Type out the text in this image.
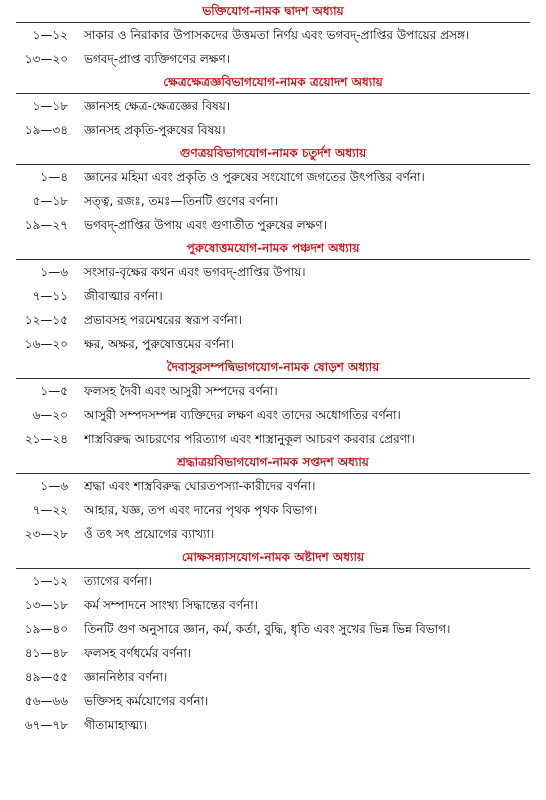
ভক্তিযোগ-নামক দ্বাদশ অধ্যায়
১—১২ সাকার ও নিরাকার উপাসকদের উত্তমতা নির্ণয় এবং ভগবদ্-প্রাপ্তির উপায়ের প্রসঙ্গ।
১৩—২০ ভগবদ্-প্রাপ্ত ব্যক্তিগণের লক্ষণ।
ক্ষেত্রক্ষেত্রজ্ঞবিভাগযোগ-নামক ত্রয়োদশ অধ্যায়
১—১৮ জ্ঞানসহ ক্ষেত্র-ক্ষেত্রজ্ঞের বিষয়।
১৯—৩৪ জ্ঞানসহ প্রকৃতি-পুরুষের বিষয়।
গুণত্রয়বিভাগযোগ-নামক চতুর্দশ অধ্যায়
১—৪ জ্ঞানের মহিমা এবং প্রকৃতি ও পুরুষের সংযোগে জগতের উৎপত্তির বর্ণনা।
৫—১৮ সত্ত্ব, রজঃ, তমঃ—তিনটি গুণের বর্ণনা।
১৯—২৭ ভগবদ্-প্রাপ্তির উপায় এবং গুণাতীত পুরুষের লক্ষণ।
পুরুষোত্তমযোগ-নামক পঞ্চদশ অধ্যায়
১—৬ সংসার-বৃক্ষের কথন এবং ভগবদ্-প্রাপ্তির উপায়।
৭—১১ জীবাত্মার বর্ণনা।
১২—১৫ প্রভাবসহ পরমেশ্বরের স্বরূপ বর্ণনা।
১৬—২০ ক্ষর, অক্ষর, পুরুষোত্তমের বর্ণনা।
দৈবাসুরসম্পদ্বিভাগযোগ-নামক ষোড়শ অধ্যায়
১—৫ ফলসহ দৈবী এবং আসুরী সম্পদের বর্ণনা।
৬—২০ আসুরী সম্পদসম্পন্ন ব্যক্তিদের লক্ষণ এবং তাদের অধোগতির বর্ণনা।
২১—২৪ শাস্ত্রবিরুদ্ধ আচরণের পরিত্যাগ এবং শাস্ত্রানুকূল আচরণ করবার প্রেরণা।
শ্রদ্ধাত্রয়বিভাগযোগ-নামক সপ্তদশ অধ্যায়
১—৬ শ্রদ্ধা এবং শাস্ত্রবিরুদ্ধ ঘোরতপস্যা-কারীদের বর্ণনা।
৭—২২ আহার, যজ্ঞ, তপ এবং দানের পৃথক পৃথক বিভাগ।
২৩—২৮ ওঁ তৎ সৎ প্রয়োগের ব্যাখ্যা।
মোক্ষসন্ন্যাসযোগ-নামক অষ্টাদশ অধ্যায়
১—১২ ত্যাগের বর্ণনা।
১৩—১৮ কর্ম সম্পাদনে সাংখ্য সিদ্ধান্তের বর্ণনা।
১৯—৪০ তিনটি গুণ অনুসারে জ্ঞান, কর্ম, কর্তা, বুদ্ধি, ধৃতি এবং সুখের ভিন্ন ভিন্ন বিভাগ।
৪১—৪৮ ফলসহ বর্ণধর্মের বর্ণনা।
৪৯—৫৫ জ্ঞাননিষ্ঠার বর্ণনা।
৫৬—৬৬ ভক্তিসহ কর্মযোগের বর্ণনা।
৬৭—৭৮ গীতামাহাত্ম্য।
